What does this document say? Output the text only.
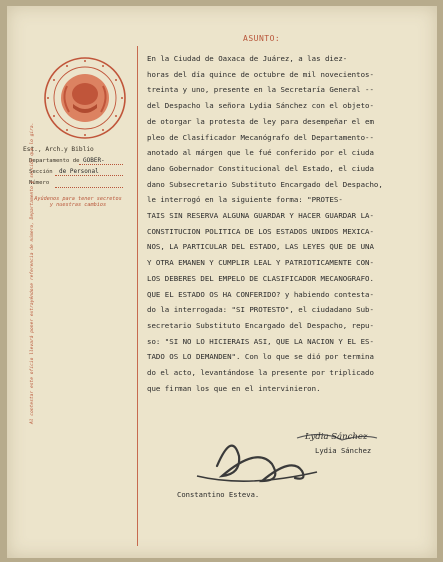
Est., Arch.y Biblio
Departamento de GOBER-
Sección de Personal
Número
Ayúdenos para tener secretos y nuestras cambios
Al contestar este oficio llevará poner extrayéndose referencia de número, Departamento y sección que lo gira.
ASUNTO:
En la Ciudad de Oaxaca de Juárez, a las diez-
horas del día quince de octubre de mil novecientos-
treinta y uno, presente en la Secretaría General --
del Despacho la señora Lydia Sánchez con el objeto-
de otorgar la protesta de ley para desempeñar el em
pleo de Clasificador Mecanógrafo del Departamento--
anotado al márgen que le fué conferido por el ciuda
dano Gobernador Constitucional del Estado, el ciuda
dano Subsecretario Substituto Encargado del Despacho,
le interrogó en la siguiente forma: "PROTES-
TAIS SIN RESERVA ALGUNA GUARDAR Y HACER GUARDAR LA-
CONSTITUCION POLITICA DE LOS ESTADOS UNIDOS MEXICA-
NOS, LA PARTICULAR DEL ESTADO, LAS LEYES QUE DE UNA
Y OTRA EMANEN Y CUMPLIR LEAL Y PATRIOTICAMENTE CON-
LOS DEBERES DEL EMPELO DE CLASIFICADOR MECANOGRAFO.
QUE EL ESTADO OS HA CONFERIDO? y habiendo contesta-
do la interrogada: "SI PROTESTO", el ciudadano Sub-
secretario Substituto Encargado del Despacho, repu-
so: "SI NO LO HICIERAIS ASI, QUE LA NACION Y EL ES-
TADO OS LO DEMANDEN". Con lo que se dió por termina
do el acto, levantándose la presente por triplicado
que firman los que en el intervinieron.
Lydia Sánchez
Lydia Sánchez
Constantino Esteva.
